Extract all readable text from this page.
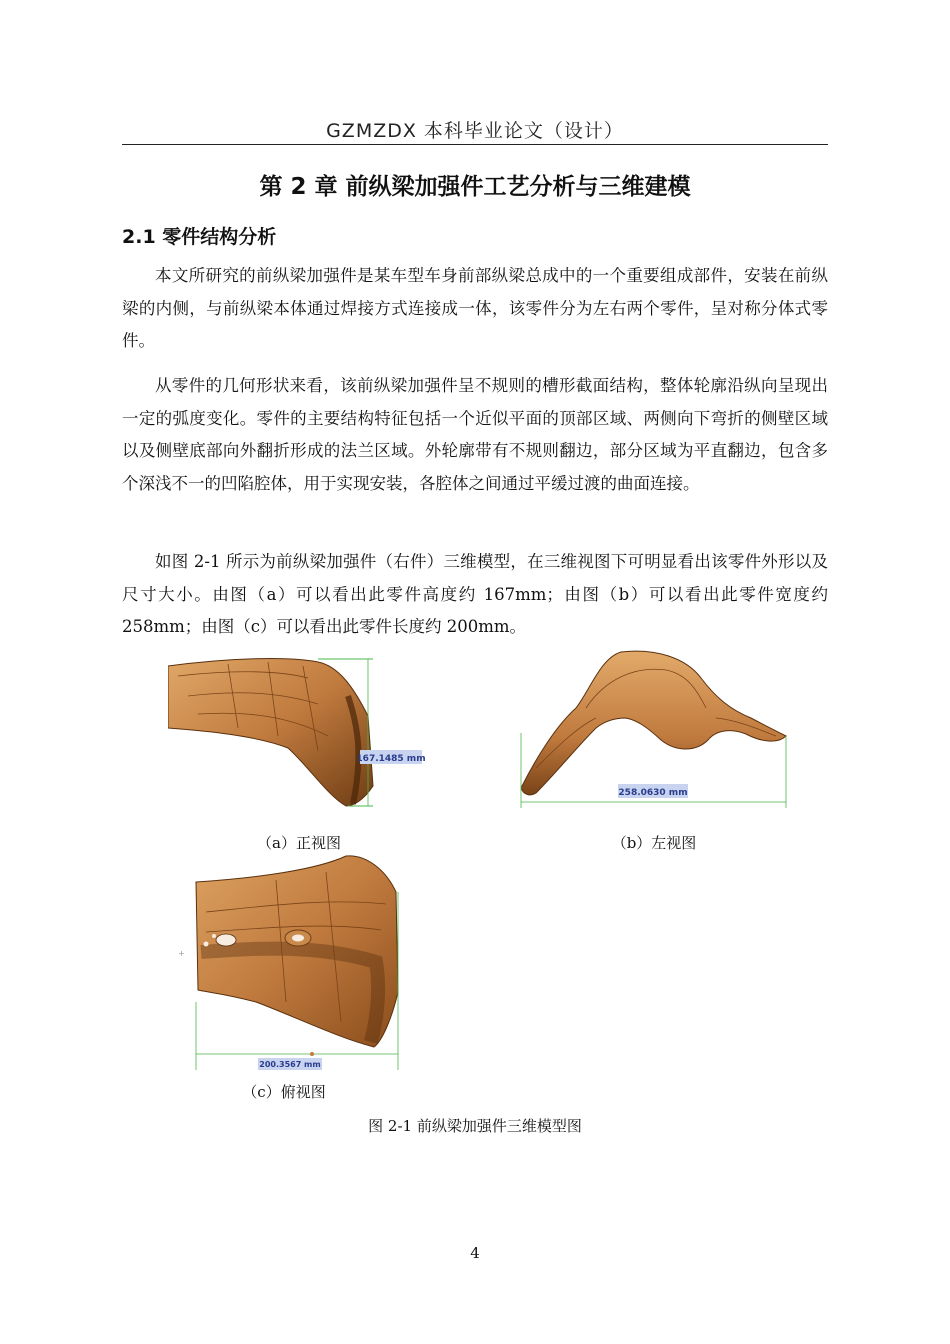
GZMZDX 本科毕业论文（设计）
第 2 章 前纵梁加强件工艺分析与三维建模
2.1 零件结构分析

本文所研究的前纵梁加强件是某车型车身前部纵梁总成中的一个重要组成部件，安装在前纵梁的内侧，与前纵梁本体通过焊接方式连接成一体，该零件分为左右两个零件，呈对称分体式零件。

从零件的几何形状来看，该前纵梁加强件呈不规则的槽形截面结构，整体轮廓沿纵向呈现出一定的弧度变化。零件的主要结构特征包括一个近似平面的顶部区域、两侧向下弯折的侧壁区域以及侧壁底部向外翻折形成的法兰区域。外轮廓带有不规则翻边，部分区域为平直翻边，包含多个深浅不一的凹陷腔体，用于实现安装，各腔体之间通过平缓过渡的曲面连接。

如图 2-1 所示为前纵梁加强件（右件）三维模型，在三维视图下可明显看出该零件外形以及尺寸大小。由图（a）可以看出此零件高度约 167mm；由图（b）可以看出此零件宽度约 258mm；由图（c）可以看出此零件长度约 200mm。

167.1485 mm
（a）正视图
258.0630 mm
（b）左视图
+
200.3567 mm
（c）俯视图
图 2-1 前纵梁加强件三维模型图
4
